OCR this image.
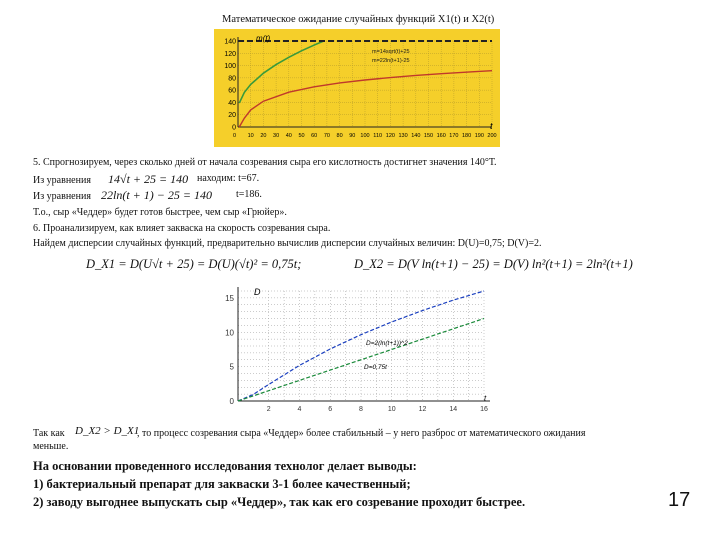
Математическое ожидание случайных функций X1(t) и X2(t)
140
120
100
80
60
40
20
0
10 20 30 40 50 60 70 80 90 100 110 120 130 140 150 160 170 180 190 200
0
m(t)
t
m=14sqrt(t)+25
m=22ln(t+1)-25
5. Спрогнозируем, через сколько дней от начала созревания сыра его кислотность достигнет значения 140°Т.
Из уравнения 14√t + 25 = 140 находим: t=67.
Из уравнения 22ln(t + 1) − 25 = 140 t=186.
Т.о., сыр «Чеддер» будет готов быстрее, чем сыр «Грюйер».
6. Проанализируем, как влияет закваска на скорость созревания сыра.
Найдем дисперсии случайных функций, предварительно вычислив дисперсии случайных величин: D(U)=0,75; D(V)=2.
D_X1 = D(U√t + 25) = D(U)(√t)² = 0,75t;	D_X2 = D(V ln(t+1) − 25) = D(V) ln²(t+1) = 2ln²(t+1)
15
10
5
0
2	4	6	8	10	12	14	16
D
t
D=2(ln(t+1))^2
D=0,75t
Так как D_X2 > D_X1
, то процесс созревания сыра «Чеддер» более стабильный – у него разброс от математического ожидания
меньше.
На основании проведенного исследования технолог делает выводы:
1) бактериальный препарат для закваски 3-1 более качественный;
2) заводу выгоднее выпускать сыр «Чеддер», так как его созревание проходит быстрее.	17
